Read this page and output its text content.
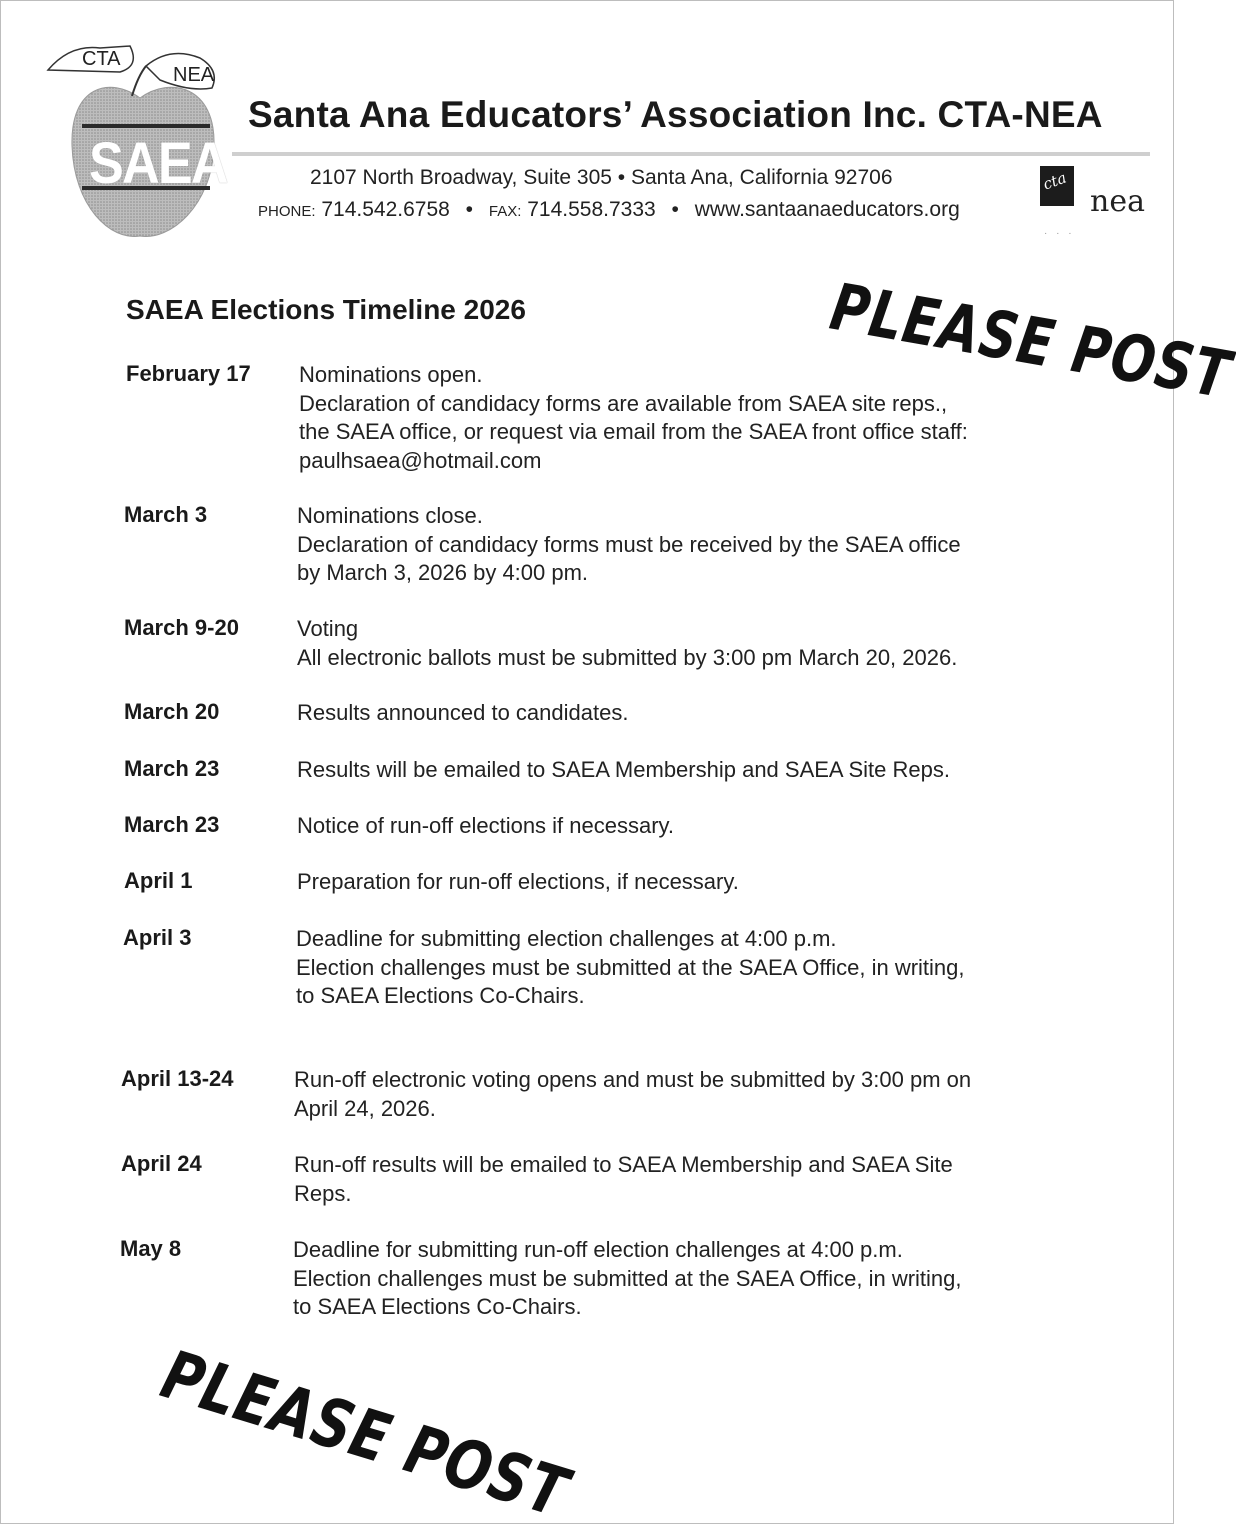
CTA
NEA
SAEA
Santa Ana Educators’ Association Inc. CTA-NEA
2107 North Broadway, Suite 305 • Santa Ana, California 92706
PHONE: 714.542.6758 • FAX: 714.558.7333 • www.santaanaeducators.org
cta
nea
· · ·
SAEA Elections Timeline 2026	PLEASE POST
PLEASE POST
February 17 Nominations open.
Declaration of candidacy forms are available from SAEA site reps.,
the SAEA office, or request via email from the SAEA front office staff:
paulhsaea@hotmail.com
March 3	Nominations close.
Declaration of candidacy forms must be received by the SAEA office
by March 3, 2026 by 4:00 pm.
March 9-20	Voting
All electronic ballots must be submitted by 3:00 pm March 20, 2026.
March 20	Results announced to candidates.
March 23	Results will be emailed to SAEA Membership and SAEA Site Reps.
March 23	Notice of run-off elections if necessary.
April 1	Preparation for run-off elections, if necessary.
April 3	Deadline for submitting election challenges at 4:00 p.m.
Election challenges must be submitted at the SAEA Office, in writing,
to SAEA Elections Co-Chairs.
April 13-24	Run-off electronic voting opens and must be submitted by 3:00 pm on
April 24, 2026.
April 24	Run-off results will be emailed to SAEA Membership and SAEA Site
Reps.
May 8	Deadline for submitting run-off election challenges at 4:00 p.m.
Election challenges must be submitted at the SAEA Office, in writing,
to SAEA Elections Co-Chairs.
